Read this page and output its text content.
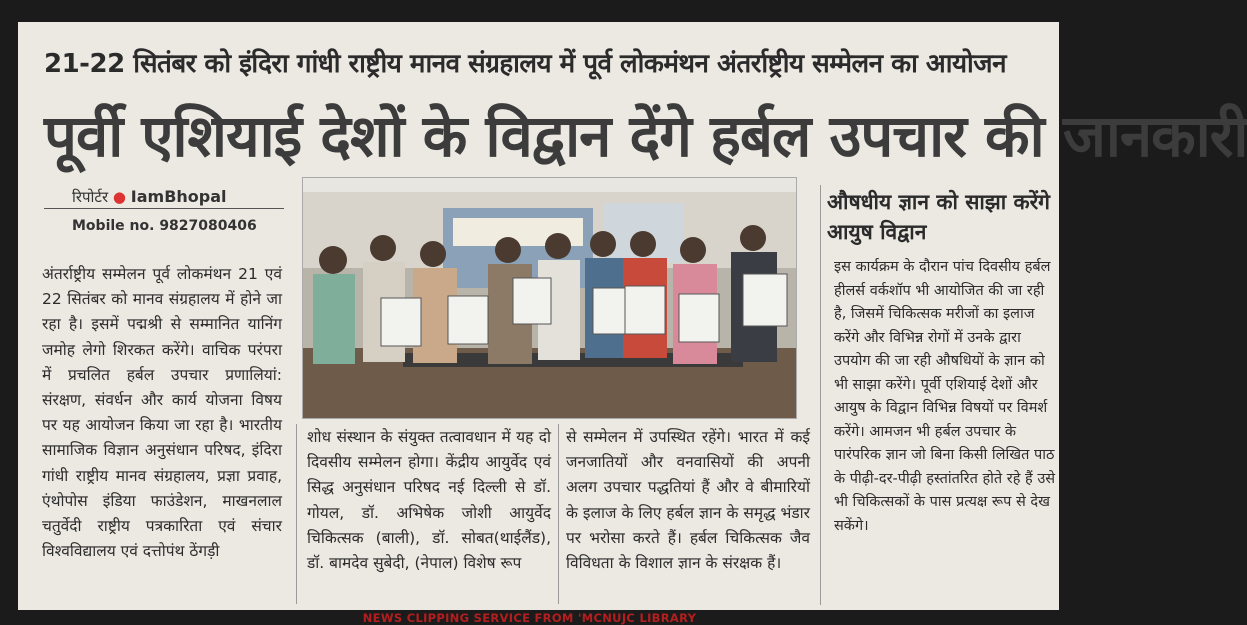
21-22 सितंबर को इंदिरा गांधी राष्ट्रीय मानव संग्रहालय में पूर्व लोकमंथन अंतर्राष्ट्रीय सम्मेलन का आयोजन
पूर्वी एशियाई देशों के विद्वान देंगे हर्बल उपचार की जानकारी
रिपोर्टर ● IamBhopal
Mobile no. 9827080406
अंतर्राष्ट्रीय सम्मेलन पूर्व लोकमंथन 21 एवं 22 सितंबर को मानव संग्रहालय में होने जा रहा है। इसमें पद्मश्री से सम्मानित यानिंग जमोह लेगो शिरकत करेंगे। वाचिक परंपरा में प्रचलित हर्बल उपचार प्रणालियां: संरक्षण, संवर्धन और कार्य योजना विषय पर यह आयोजन किया जा रहा है। भारतीय सामाजिक विज्ञान अनुसंधान परिषद, इंदिरा गांधी राष्ट्रीय मानव संग्रहालय, प्रज्ञा प्रवाह, एंथोपोस इंडिया फाउंडेशन, माखनलाल चतुर्वेदी राष्ट्रीय पत्रकारिता एवं संचार विश्वविद्यालय एवं दत्तोपंथ ठेंगड़ी
शोध संस्थान के संयुक्त तत्वावधान में यह दो दिवसीय सम्मेलन होगा। केंद्रीय आयुर्वेद एवं सिद्ध अनुसंधान परिषद नई दिल्ली से डॉ. गोयल, डॉ. अभिषेक जोशी आयुर्वेद चिकित्सक (बाली), डॉ. सोबत(थाईलैंड), डॉ. बामदेव सुबेदी, (नेपाल) विशेष रूप
से सम्मेलन में उपस्थित रहेंगे। भारत में कई जनजातियों और वनवासियों की अपनी अलग उपचार पद्धतियां हैं और वे बीमारियों के इलाज के लिए हर्बल ज्ञान के समृद्ध भंडार पर भरोसा करते हैं। हर्बल चिकित्सक जैव विविधता के विशाल ज्ञान के संरक्षक हैं।
औषधीय ज्ञान को साझा करेंगे आयुष विद्वान
इस कार्यक्रम के दौरान पांच दिवसीय हर्बल हीलर्स वर्कशॉप भी आयोजित की जा रही है, जिसमें चिकित्सक मरीजों का इलाज करेंगे और विभिन्न रोगों में उनके द्वारा उपयोग की जा रही औषधियों के ज्ञान को भी साझा करेंगे। पूर्वी एशियाई देशों और आयुष के विद्वान विभिन्न विषयों पर विमर्श करेंगे। आमजन भी हर्बल उपचार के पारंपरिक ज्ञान जो बिना किसी लिखित पाठ के पीढ़ी-दर-पीढ़ी हस्तांतरित होते रहे हैं उसे भी चिकित्सकों के पास प्रत्यक्ष रूप से देख सकेंगे।
NEWS CLIPPING SERVICE FROM 'MCNUJC LIBRARY
